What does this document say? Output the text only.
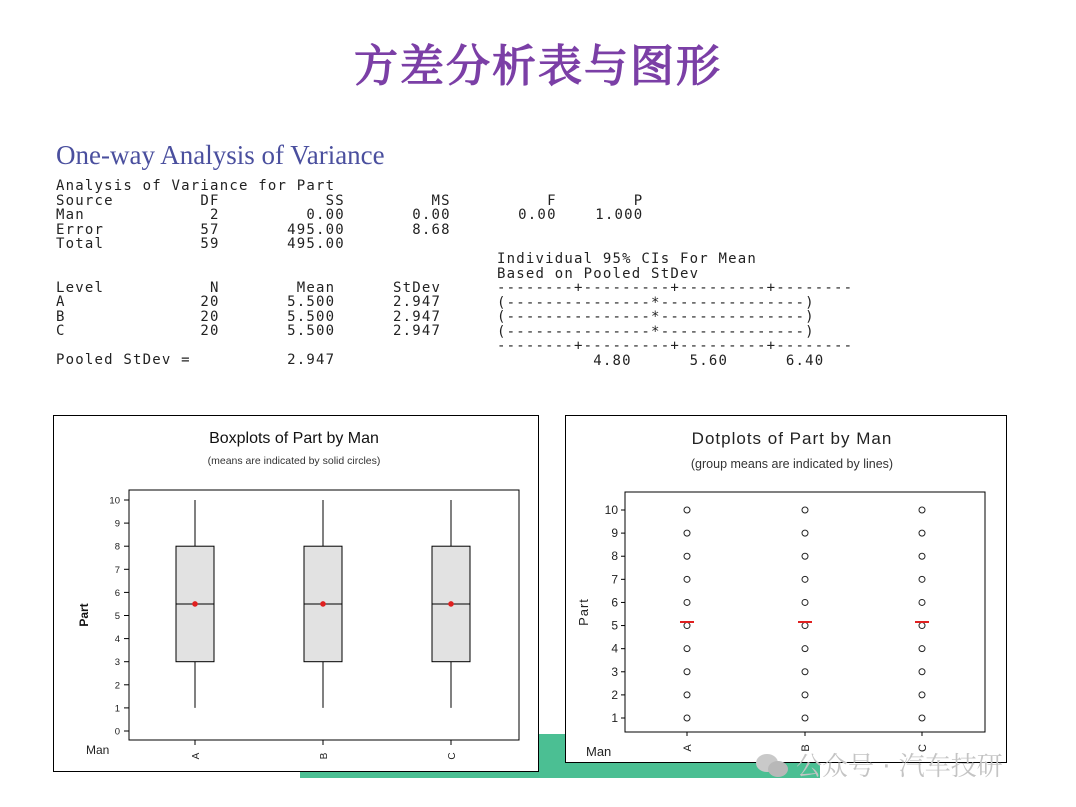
方差分析表与图形
One-way Analysis of Variance
Analysis of Variance for Part
Source         DF           SS         MS          F        P
Man             2         0.00       0.00       0.00    1.000
Error          57       495.00       8.68
Total          59       495.00

Level           N        Mean      StDev
A              20       5.500      2.947
B              20       5.500      2.947
C              20       5.500      2.947

Pooled StDev =          2.947
Individual 95% CIs For Mean
Based on Pooled StDev
--------+---------+---------+--------
(---------------*---------------)
(---------------*---------------)
(---------------*---------------)
--------+---------+---------+--------
4.80      5.60      6.40
Boxplots of Part by Man
(means are indicated by solid circles)
0
1
2
3
4
5
6
7
8
9
10
Part
Man	A	B	C
Dotplots of Part by Man
(group means are indicated by lines)
1
2
3
4
5
6
7
8
9
10
Part
Man	A	B	C
公众号 · 汽车技研
